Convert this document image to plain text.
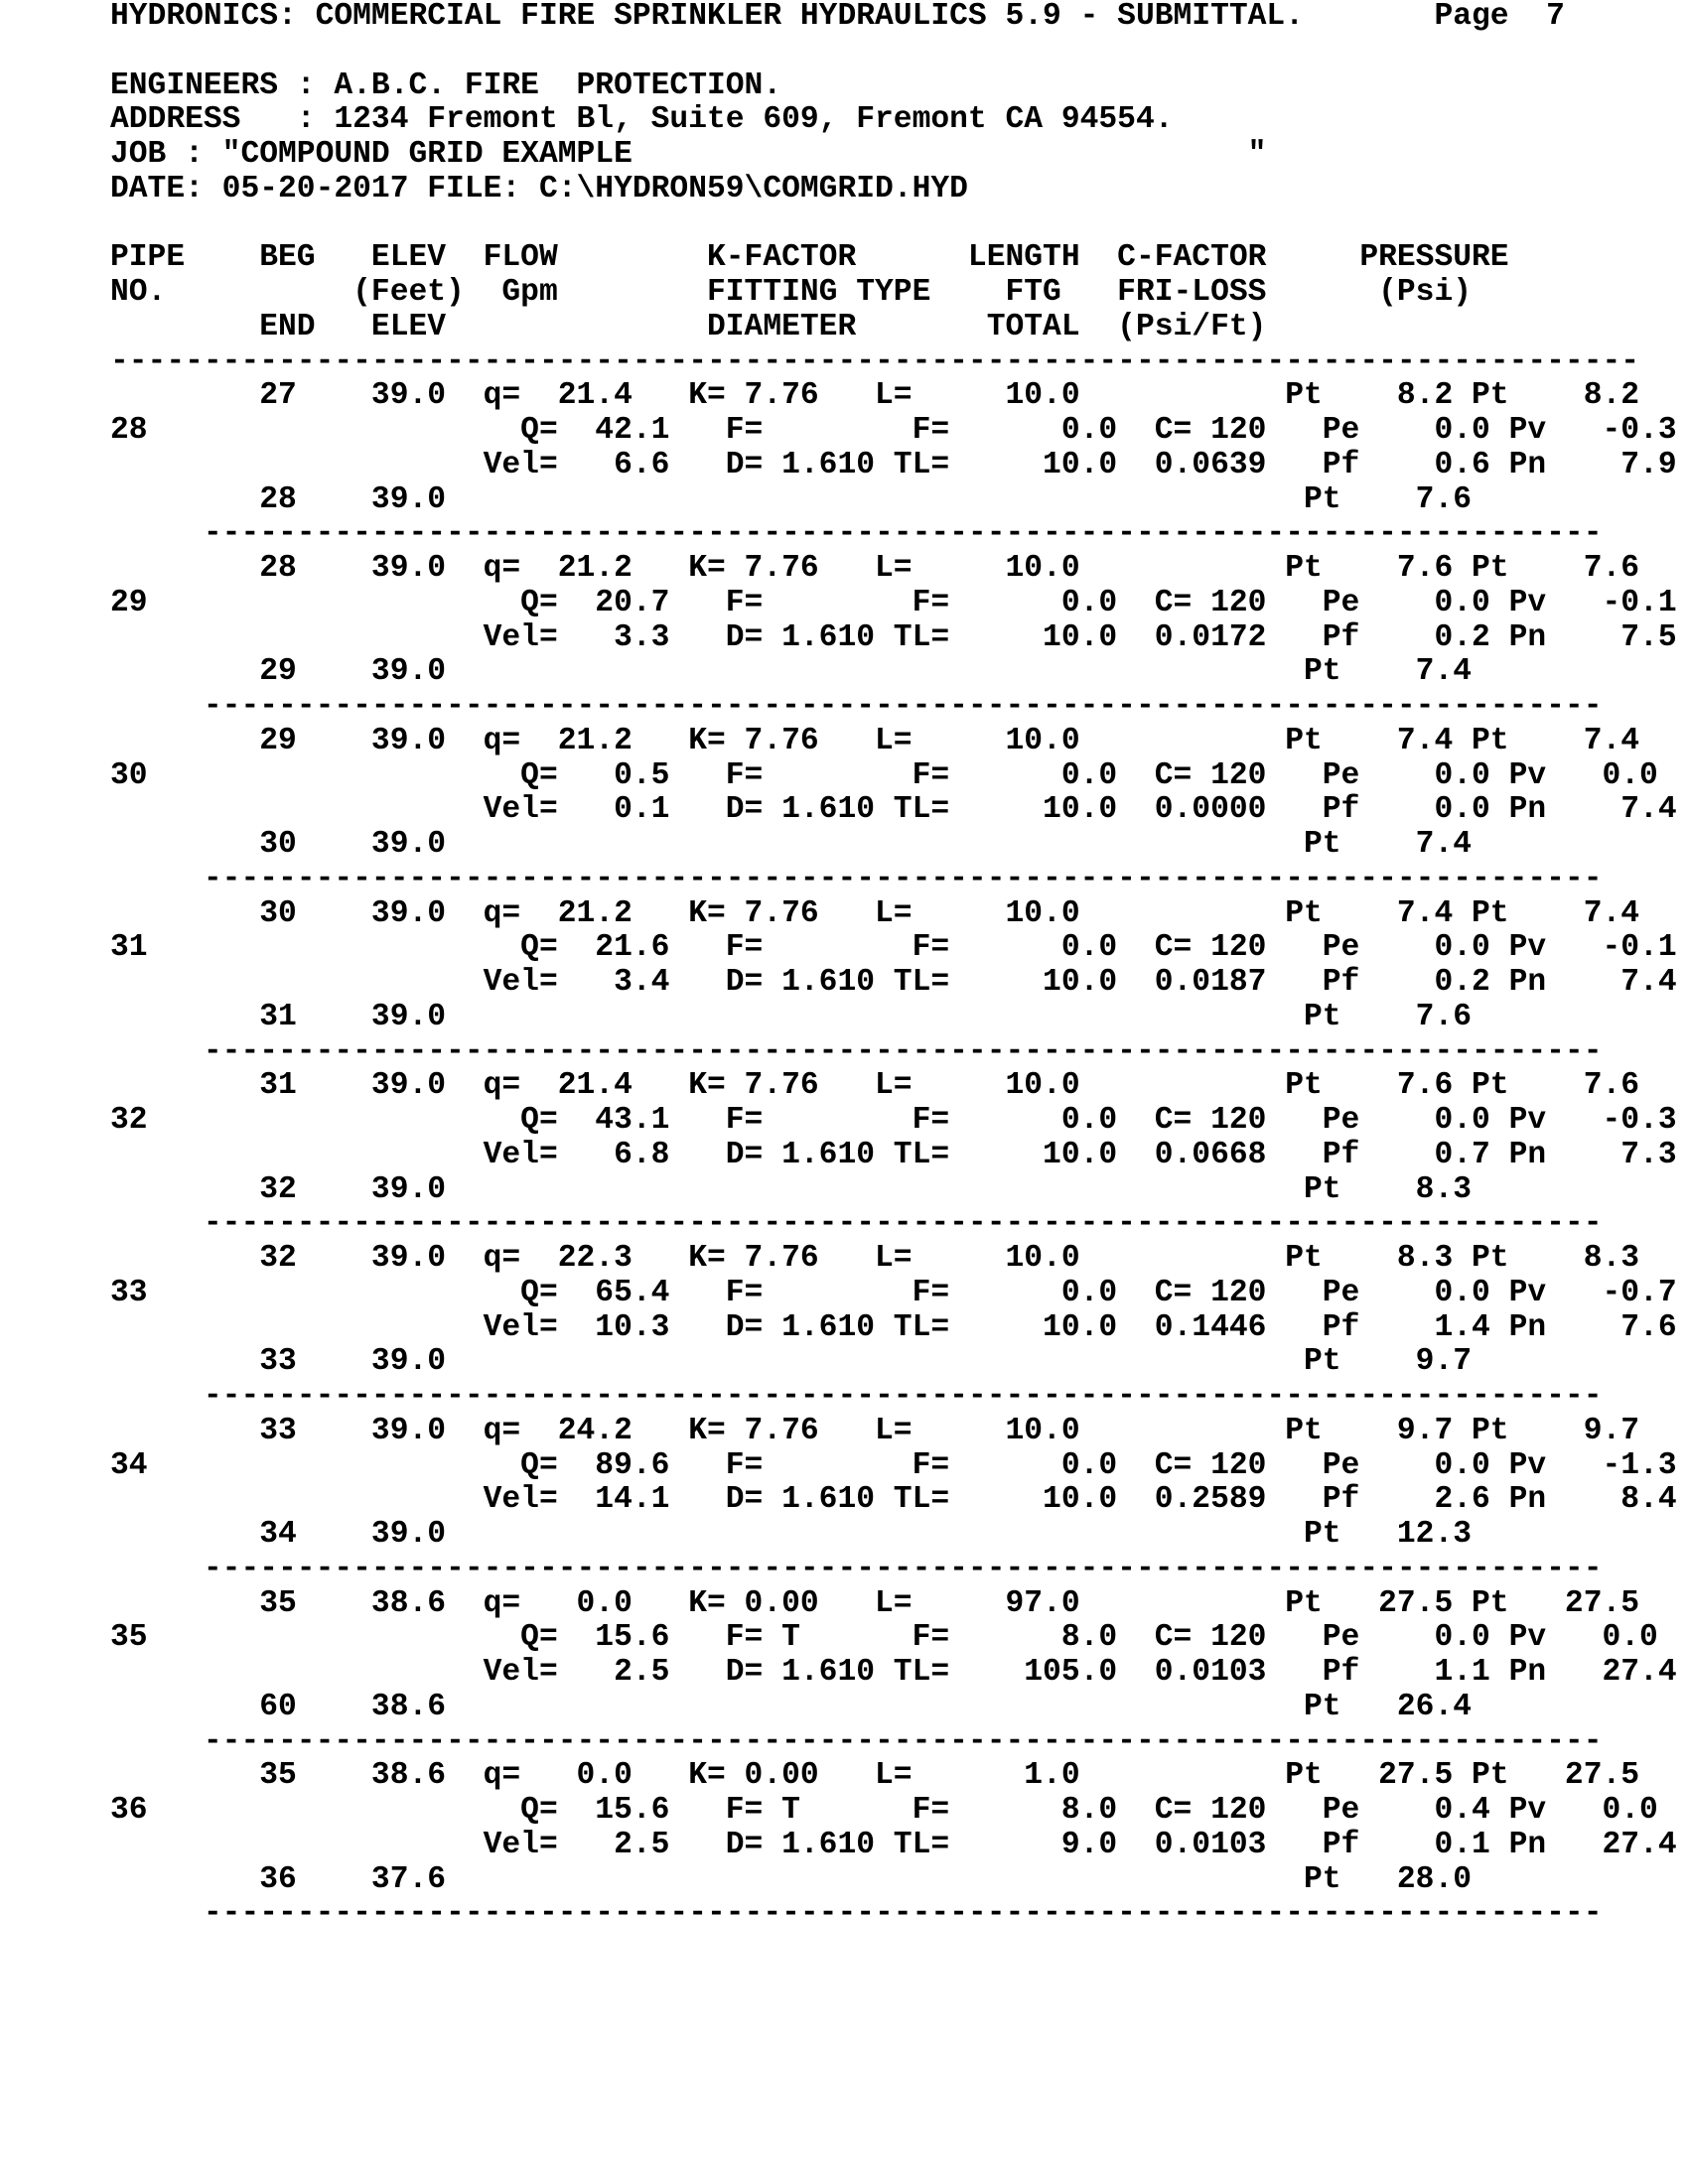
HYDRONICS: COMMERCIAL FIRE SPRINKLER HYDRAULICS 5.9 - SUBMITTAL.       Page  7
ENGINEERS : A.B.C. FIRE  PROTECTION.
ADDRESS   : 1234 Fremont Bl, Suite 609, Fremont CA 94554.
JOB : "COMPOUND GRID EXAMPLE                                 "
DATE: 05-20-2017 FILE: C:\HYDRON59\COMGRID.HYD
PIPE    BEG   ELEV  FLOW        K-FACTOR      LENGTH  C-FACTOR     PRESSURE
NO.          (Feet)  Gpm        FITTING TYPE    FTG   FRI-LOSS      (Psi)
END   ELEV              DIAMETER       TOTAL  (Psi/Ft)
----------------------------------------------------------------------------------
27    39.0  q=  21.4   K= 7.76   L=     10.0           Pt    8.2 Pt    8.2
28                    Q=  42.1   F=        F=      0.0  C= 120   Pe    0.0 Pv   -0.3
Vel=   6.6   D= 1.610 TL=     10.0  0.0639   Pf    0.6 Pn    7.9
28    39.0                                              Pt    7.6
---------------------------------------------------------------------------
28    39.0  q=  21.2   K= 7.76   L=     10.0           Pt    7.6 Pt    7.6
29                    Q=  20.7   F=        F=      0.0  C= 120   Pe    0.0 Pv   -0.1
Vel=   3.3   D= 1.610 TL=     10.0  0.0172   Pf    0.2 Pn    7.5
29    39.0                                              Pt    7.4
---------------------------------------------------------------------------
29    39.0  q=  21.2   K= 7.76   L=     10.0           Pt    7.4 Pt    7.4
30                    Q=   0.5   F=        F=      0.0  C= 120   Pe    0.0 Pv   0.0
Vel=   0.1   D= 1.610 TL=     10.0  0.0000   Pf    0.0 Pn    7.4
30    39.0                                              Pt    7.4
---------------------------------------------------------------------------
30    39.0  q=  21.2   K= 7.76   L=     10.0           Pt    7.4 Pt    7.4
31                    Q=  21.6   F=        F=      0.0  C= 120   Pe    0.0 Pv   -0.1
Vel=   3.4   D= 1.610 TL=     10.0  0.0187   Pf    0.2 Pn    7.4
31    39.0                                              Pt    7.6
---------------------------------------------------------------------------
31    39.0  q=  21.4   K= 7.76   L=     10.0           Pt    7.6 Pt    7.6
32                    Q=  43.1   F=        F=      0.0  C= 120   Pe    0.0 Pv   -0.3
Vel=   6.8   D= 1.610 TL=     10.0  0.0668   Pf    0.7 Pn    7.3
32    39.0                                              Pt    8.3
---------------------------------------------------------------------------
32    39.0  q=  22.3   K= 7.76   L=     10.0           Pt    8.3 Pt    8.3
33                    Q=  65.4   F=        F=      0.0  C= 120   Pe    0.0 Pv   -0.7
Vel=  10.3   D= 1.610 TL=     10.0  0.1446   Pf    1.4 Pn    7.6
33    39.0                                              Pt    9.7
---------------------------------------------------------------------------
33    39.0  q=  24.2   K= 7.76   L=     10.0           Pt    9.7 Pt    9.7
34                    Q=  89.6   F=        F=      0.0  C= 120   Pe    0.0 Pv   -1.3
Vel=  14.1   D= 1.610 TL=     10.0  0.2589   Pf    2.6 Pn    8.4
34    39.0                                              Pt   12.3
---------------------------------------------------------------------------
35    38.6  q=   0.0   K= 0.00   L=     97.0           Pt   27.5 Pt   27.5
35                    Q=  15.6   F= T      F=      8.0  C= 120   Pe    0.0 Pv   0.0
Vel=   2.5   D= 1.610 TL=    105.0  0.0103   Pf    1.1 Pn   27.4
60    38.6                                              Pt   26.4
---------------------------------------------------------------------------
35    38.6  q=   0.0   K= 0.00   L=      1.0           Pt   27.5 Pt   27.5
36                    Q=  15.6   F= T      F=      8.0  C= 120   Pe    0.4 Pv   0.0
Vel=   2.5   D= 1.610 TL=      9.0  0.0103   Pf    0.1 Pn   27.4
36    37.6                                              Pt   28.0
---------------------------------------------------------------------------
